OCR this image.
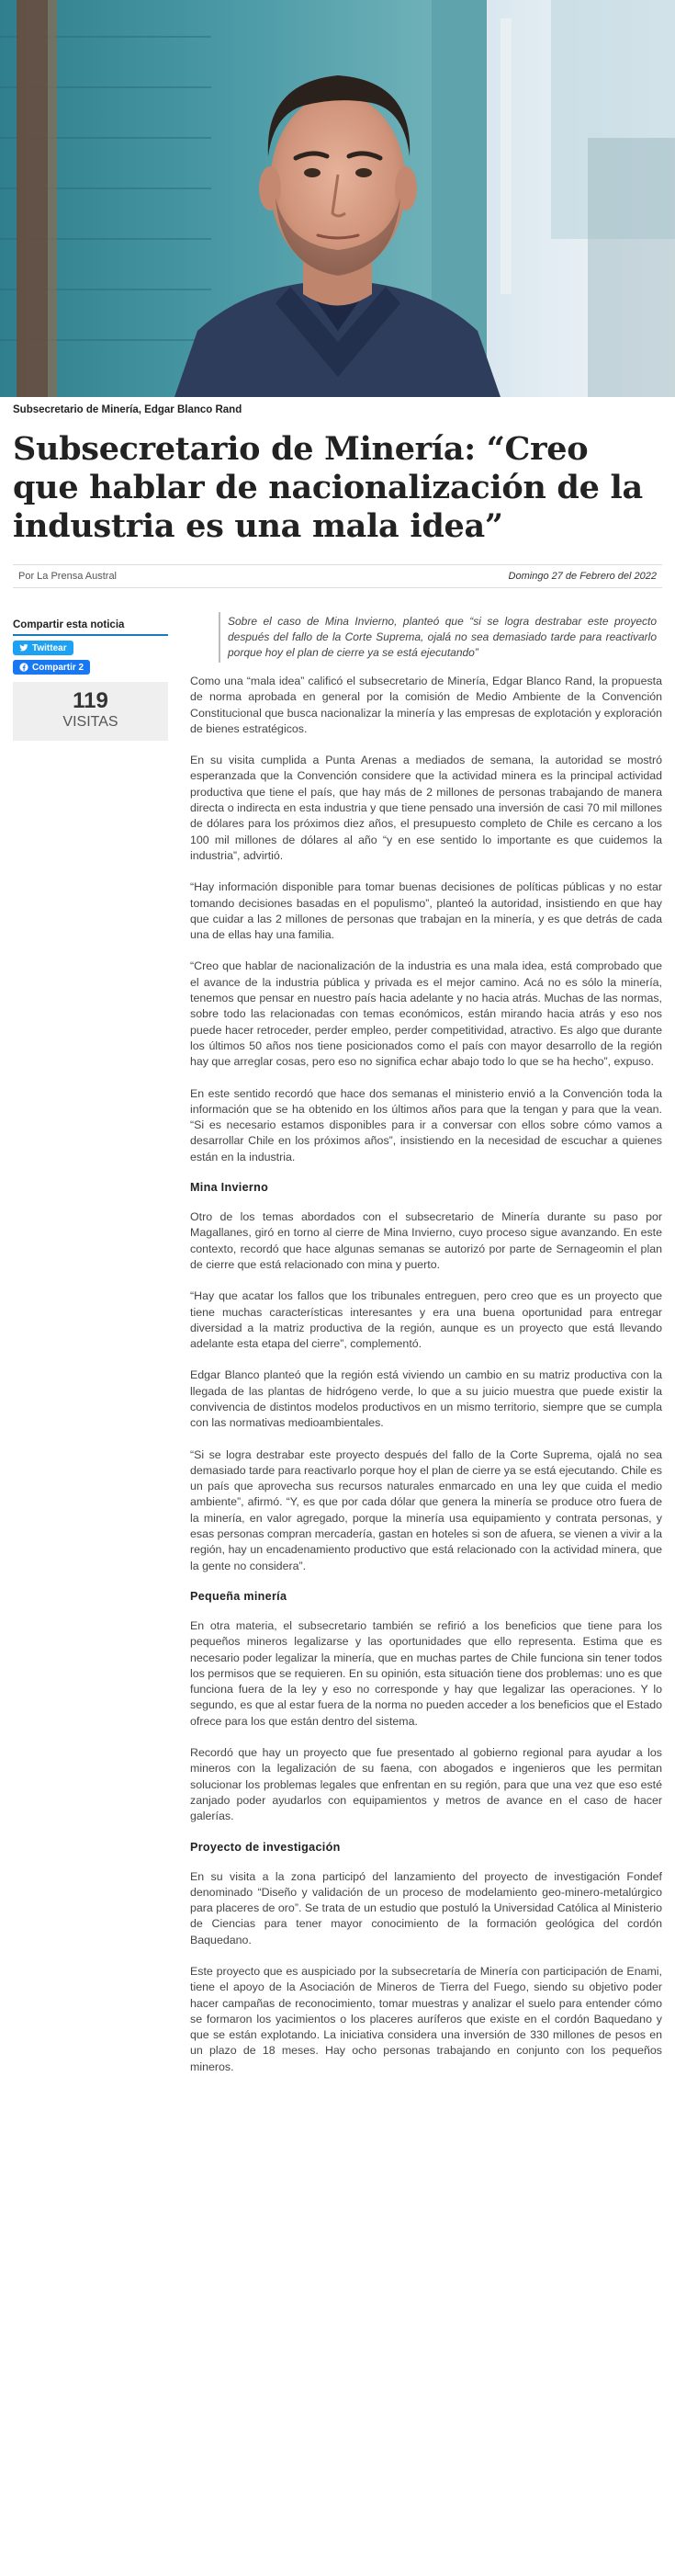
Subsecretario de Minería, Edgar Blanco Rand
Subsecretario de Minería: “Creo que hablar de nacionalización de la industria es una mala idea”
Por La Prensa Austral	Domingo 27 de Febrero del 2022
Compartir esta noticia
Twittear
Compartir 2
119
VISITAS
Sobre el caso de Mina Invierno, planteó que “si se logra destrabar este proyecto después del fallo de la Corte Suprema, ojalá no sea demasiado tarde para reactivarlo porque hoy el plan de cierre ya se está ejecutando”

Como una “mala idea” calificó el subsecretario de Minería, Edgar Blanco Rand, la propuesta de norma aprobada en general por la comisión de Medio Ambiente de la Convención Constitucional que busca nacionalizar la minería y las empresas de explotación y exploración de bienes estratégicos.

En su visita cumplida a Punta Arenas a mediados de semana, la autoridad se mostró esperanzada que la Convención considere que la actividad minera es la principal actividad productiva que tiene el país, que hay más de 2 millones de personas trabajando de manera directa o indirecta en esta industria y que tiene pensado una inversión de casi 70 mil millones de dólares para los próximos diez años, el presupuesto completo de Chile es cercano a los 100 mil millones de dólares al año “y en ese sentido lo importante es que cuidemos la industria”, advirtió.

“Hay información disponible para tomar buenas decisiones de políticas públicas y no estar tomando decisiones basadas en el populismo”, planteó la autoridad, insistiendo en que hay que cuidar a las 2 millones de personas que trabajan en la minería, y es que detrás de cada una de ellas hay una familia.

“Creo que hablar de nacionalización de la industria es una mala idea, está comprobado que el avance de la industria pública y privada es el mejor camino. Acá no es sólo la minería, tenemos que pensar en nuestro país hacia adelante y no hacia atrás. Muchas de las normas, sobre todo las relacionadas con temas económicos, están mirando hacia atrás y eso nos puede hacer retroceder, perder empleo, perder competitividad, atractivo. Es algo que durante los últimos 50 años nos tiene posicionados como el país con mayor desarrollo de la región hay que arreglar cosas, pero eso no significa echar abajo todo lo que se ha hecho”, expuso.

En este sentido recordó que hace dos semanas el ministerio envió a la Convención toda la información que se ha obtenido en los últimos años para que la tengan y para que la vean. “Si es necesario estamos disponibles para ir a conversar con ellos sobre cómo vamos a desarrollar Chile en los próximos años”, insistiendo en la necesidad de escuchar a quienes están en la industria.

Mina Invierno

Otro de los temas abordados con el subsecretario de Minería durante su paso por Magallanes, giró en torno al cierre de Mina Invierno, cuyo proceso sigue avanzando. En este contexto, recordó que hace algunas semanas se autorizó por parte de Sernageomin el plan de cierre que está relacionado con mina y puerto.

“Hay que acatar los fallos que los tribunales entreguen, pero creo que es un proyecto que tiene muchas características interesantes y era una buena oportunidad para entregar diversidad a la matriz productiva de la región, aunque es un proyecto que está llevando adelante esta etapa del cierre”, complementó.

Edgar Blanco planteó que la región está viviendo un cambio en su matriz productiva con la llegada de las plantas de hidrógeno verde, lo que a su juicio muestra que puede existir la convivencia de distintos modelos productivos en un mismo territorio, siempre que se cumpla con las normativas medioambientales.

“Si se logra destrabar este proyecto después del fallo de la Corte Suprema, ojalá no sea demasiado tarde para reactivarlo porque hoy el plan de cierre ya se está ejecutando. Chile es un país que aprovecha sus recursos naturales enmarcado en una ley que cuida el medio ambiente”, afirmó. “Y, es que por cada dólar que genera la minería se produce otro fuera de la minería, en valor agregado, porque la minería usa equipamiento y contrata personas, y esas personas compran mercadería, gastan en hoteles si son de afuera, se vienen a vivir a la región, hay un encadenamiento productivo que está relacionado con la actividad minera, que la gente no considera”.

Pequeña minería

En otra materia, el subsecretario también se refirió a los beneficios que tiene para los pequeños mineros legalizarse y las oportunidades que ello representa. Estima que es necesario poder legalizar la minería, que en muchas partes de Chile funciona sin tener todos los permisos que se requieren. En su opinión, esta situación tiene dos problemas: uno es que funciona fuera de la ley y eso no corresponde y hay que legalizar las operaciones. Y lo segundo, es que al estar fuera de la norma no pueden acceder a los beneficios que el Estado ofrece para los que están dentro del sistema.

Recordó que hay un proyecto que fue presentado al gobierno regional para ayudar a los mineros con la legalización de su faena, con abogados e ingenieros que les permitan solucionar los problemas legales que enfrentan en su región, para que una vez que eso esté zanjado poder ayudarlos con equipamientos y metros de avance en el caso de hacer galerías.

Proyecto de investigación

En su visita a la zona participó del lanzamiento del proyecto de investigación Fondef denominado “Diseño y validación de un proceso de modelamiento geo-minero-metalúrgico para placeres de oro”. Se trata de un estudio que postuló la Universidad Católica al Ministerio de Ciencias para tener mayor conocimiento de la formación geológica del cordón Baquedano.

Este proyecto que es auspiciado por la subsecretaría de Minería con participación de Enami, tiene el apoyo de la Asociación de Mineros de Tierra del Fuego, siendo su objetivo poder hacer campañas de reconocimiento, tomar muestras y analizar el suelo para entender cómo se formaron los yacimientos o los placeres auríferos que existe en el cordón Baquedano y que se están explotando. La iniciativa considera una inversión de 330 millones de pesos en un plazo de 18 meses. Hay ocho personas trabajando en conjunto con los pequeños mineros.
